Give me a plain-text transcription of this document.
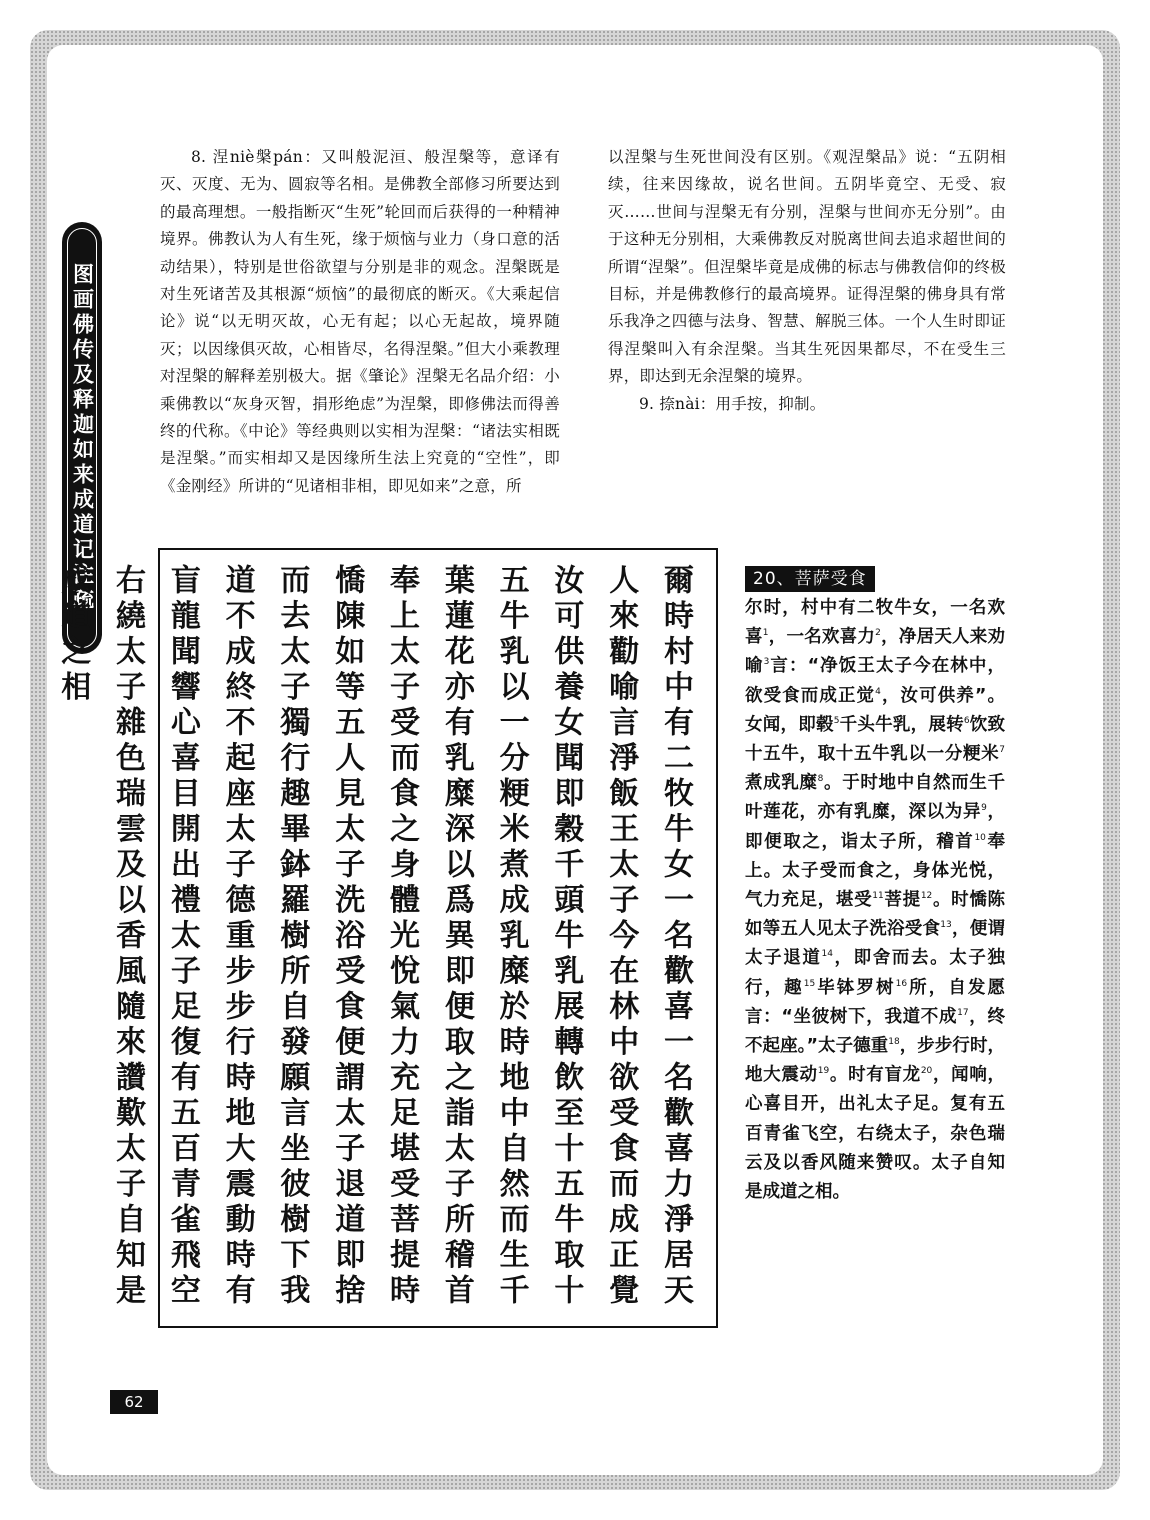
图画佛传及释迦如来成道记注疏

8. 涅niè槃pán：又叫般泥洹、般涅槃等，意译有灭、灭度、无为、圆寂等名相。是佛教全部修习所要达到的最高理想。一般指断灭“生死”轮回而后获得的一种精神境界。佛教认为人有生死，缘于烦恼与业力（身口意的活动结果），特别是世俗欲望与分别是非的观念。涅槃既是对生死诸苦及其根源“烦恼”的最彻底的断灭。《大乘起信论》说“以无明灭故，心无有起；以心无起故，境界随灭；以因缘俱灭故，心相皆尽，名得涅槃。”但大小乘教理对涅槃的解释差别极大。据《肇论》涅槃无名品介绍：小乘佛教以“灰身灭智，捐形绝虑”为涅槃，即修佛法而得善终的代称。《中论》等经典则以实相为涅槃：“诸法实相既是涅槃。”而实相却又是因缘所生法上究竟的“空性”，即《金刚经》所讲的“见诸相非相，即见如来”之意，所

以涅槃与生死世间没有区别。《观涅槃品》说：“五阴相续，往来因缘故，说名世间。五阴毕竟空、无受、寂灭……世间与涅槃无有分别，涅槃与世间亦无分别”。由于这种无分别相，大乘佛教反对脱离世间去追求超世间的所谓“涅槃”。但涅槃毕竟是成佛的标志与佛教信仰的终极目标，并是佛教修行的最高境界。证得涅槃的佛身具有常乐我净之四德与法身、智慧、解脱三体。一个人生时即证得涅槃叫入有余涅槃。当其生死因果都尽，不在受生三界，即达到无余涅槃的境界。

9. 捺nài：用手按，抑制。

爾時村中有二牧牛女一名歡喜一名歡喜力淨居天人來勸喻言淨飯王太子今在林中欲受食而成正覺汝可供養女聞即穀千頭牛乳展轉飲至十五牛取十五牛乳以一分粳米煮成乳糜於時地中自然而生千葉蓮花亦有乳糜深以爲異即便取之詣太子所稽首奉上太子受而食之身體光悅氣力充足堪受菩提時憍陳如等五人見太子洗浴受食便謂太子退道即捨而去太子獨行趣畢鉢羅樹所自發願言坐彼樹下我道不成終不起座太子德重步步行時地大震動時有盲龍聞響心喜目開出禮太子足復有五百青雀飛空右繞太子雜色瑞雲及以香風隨來讚歎太子自知是成道之相	20、菩萨受食
尔时，村中有二牧牛女，一名欢喜$^1$，一名欢喜力$^2$，净居天人来劝喻$^3$言：“净饭王太子今在林中，欲受食而成正觉$^4$，汝可供养”。女闻，即毂$^5$千头牛乳，展转$^6$饮致十五牛，取十五牛乳以一分粳米$^7$煮成乳糜$^8$。于时地中自然而生千叶莲花，亦有乳糜，深以为异$^9$，即便取之，诣太子所，稽首$^{10}$奉上。太子受而食之，身体光悦，气力充足，堪受$^{11}$菩提$^{12}$。时憍陈如等五人见太子洗浴受食$^{13}$，便谓太子退道$^{14}$，即舍而去。太子独行，趣$^{15}$毕钵罗树$^{16}$所，自发愿言：“坐彼树下，我道不成$^{17}$，终不起座。”太子德重$^{18}$，步步行时，地大震动$^{19}$。时有盲龙$^{20}$，闻响，心喜目开，出礼太子足。复有五百青雀飞空，右绕太子，杂色瑞云及以香风随来赞叹。太子自知是成道之相。
62
